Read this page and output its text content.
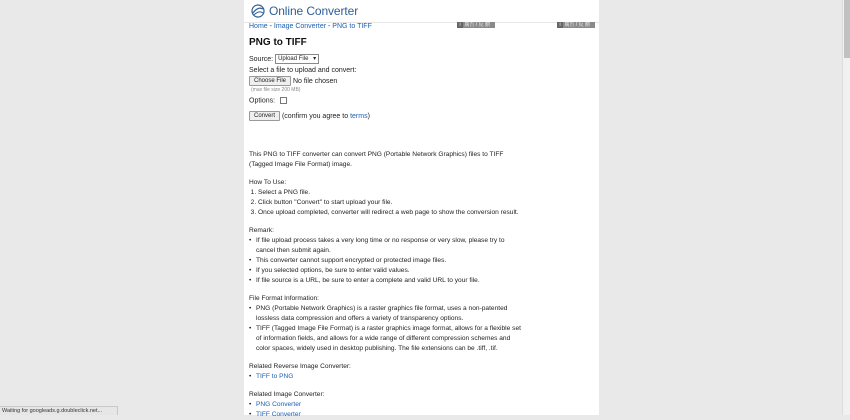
Online Converter
i 廣告 / 反 饋	i 廣告 / 反 饋
Home - Image Converter - PNG to TIFF
PNG to TIFF
Source: Upload File ▾
Select a file to upload and convert:
Choose File No file chosen
(max file size 200 MB)
Options:
Convert (confirm you agree to terms)

This PNG to TIFF converter can convert PNG (Portable Network Graphics) files to TIFF (Tagged Image File Format) image.

How To Use:

1. Select a PNG file.
2. Click button "Convert" to start upload your file.
3. Once upload completed, converter will redirect a web page to show the conversion result.

Remark:

• If file upload process takes a very long time or no response or very slow, please try to cancel then submit again.
• This converter cannot support encrypted or protected image files.
• If you selected options, be sure to enter valid values.
• If file source is a URL, be sure to enter a complete and valid URL to your file.

File Format Information:

• PNG (Portable Network Graphics) is a raster graphics file format, uses a non-patented lossless data compression and offers a variety of transparency options.
• TIFF (Tagged Image File Format) is a raster graphics image format, allows for a flexible set of information fields, and allows for a wide range of different compression schemes and color spaces, widely used in desktop publishing. The file extensions can be .tiff, .tif.

Related Reverse Image Converter:

• TIFF to PNG

Related Image Converter:

• PNG Converter
• TIFF Converter
Waiting for googleads.g.doubleclick.net...
